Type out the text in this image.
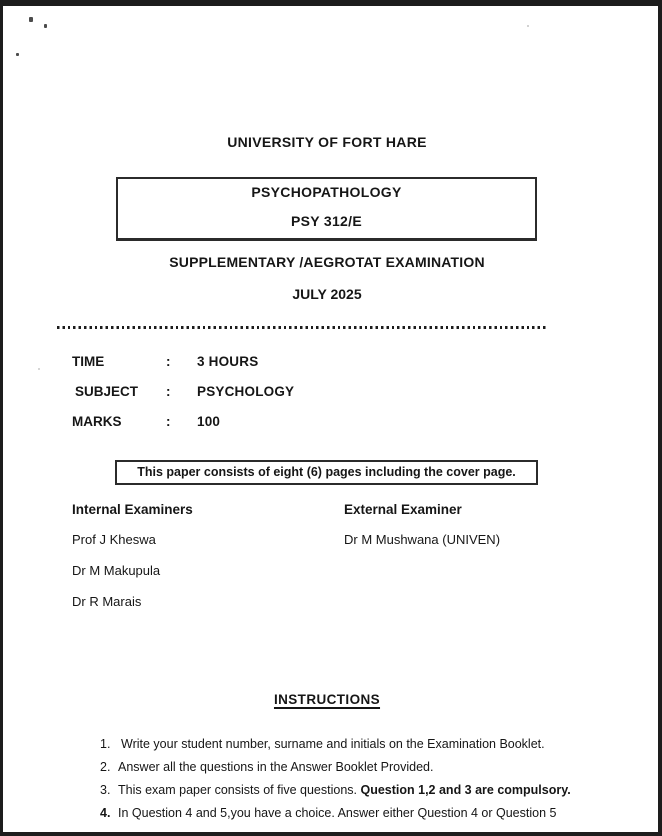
UNIVERSITY OF FORT HARE
PSYCHOPATHOLOGY
PSY 312/E
SUPPLEMENTARY /AEGROTAT EXAMINATION
JULY 2025
TIME	:	3 HOURS
SUBJECT	:	PSYCHOLOGY
MARKS	:	100
This paper consists of eight (6) pages including the cover page.
Internal Examiners
Prof J Kheswa
Dr M Makupula
Dr R Marais
External Examiner
Dr M Mushwana (UNIVEN)
INSTRUCTIONS
1. Write your student number, surname and initials on the Examination Booklet.
2. Answer all the questions in the Answer Booklet Provided.
3. This exam paper consists of five questions. Question 1,2 and 3 are compulsory.
4. In Question 4 and 5,you have a choice. Answer either Question 4 or Question 5
